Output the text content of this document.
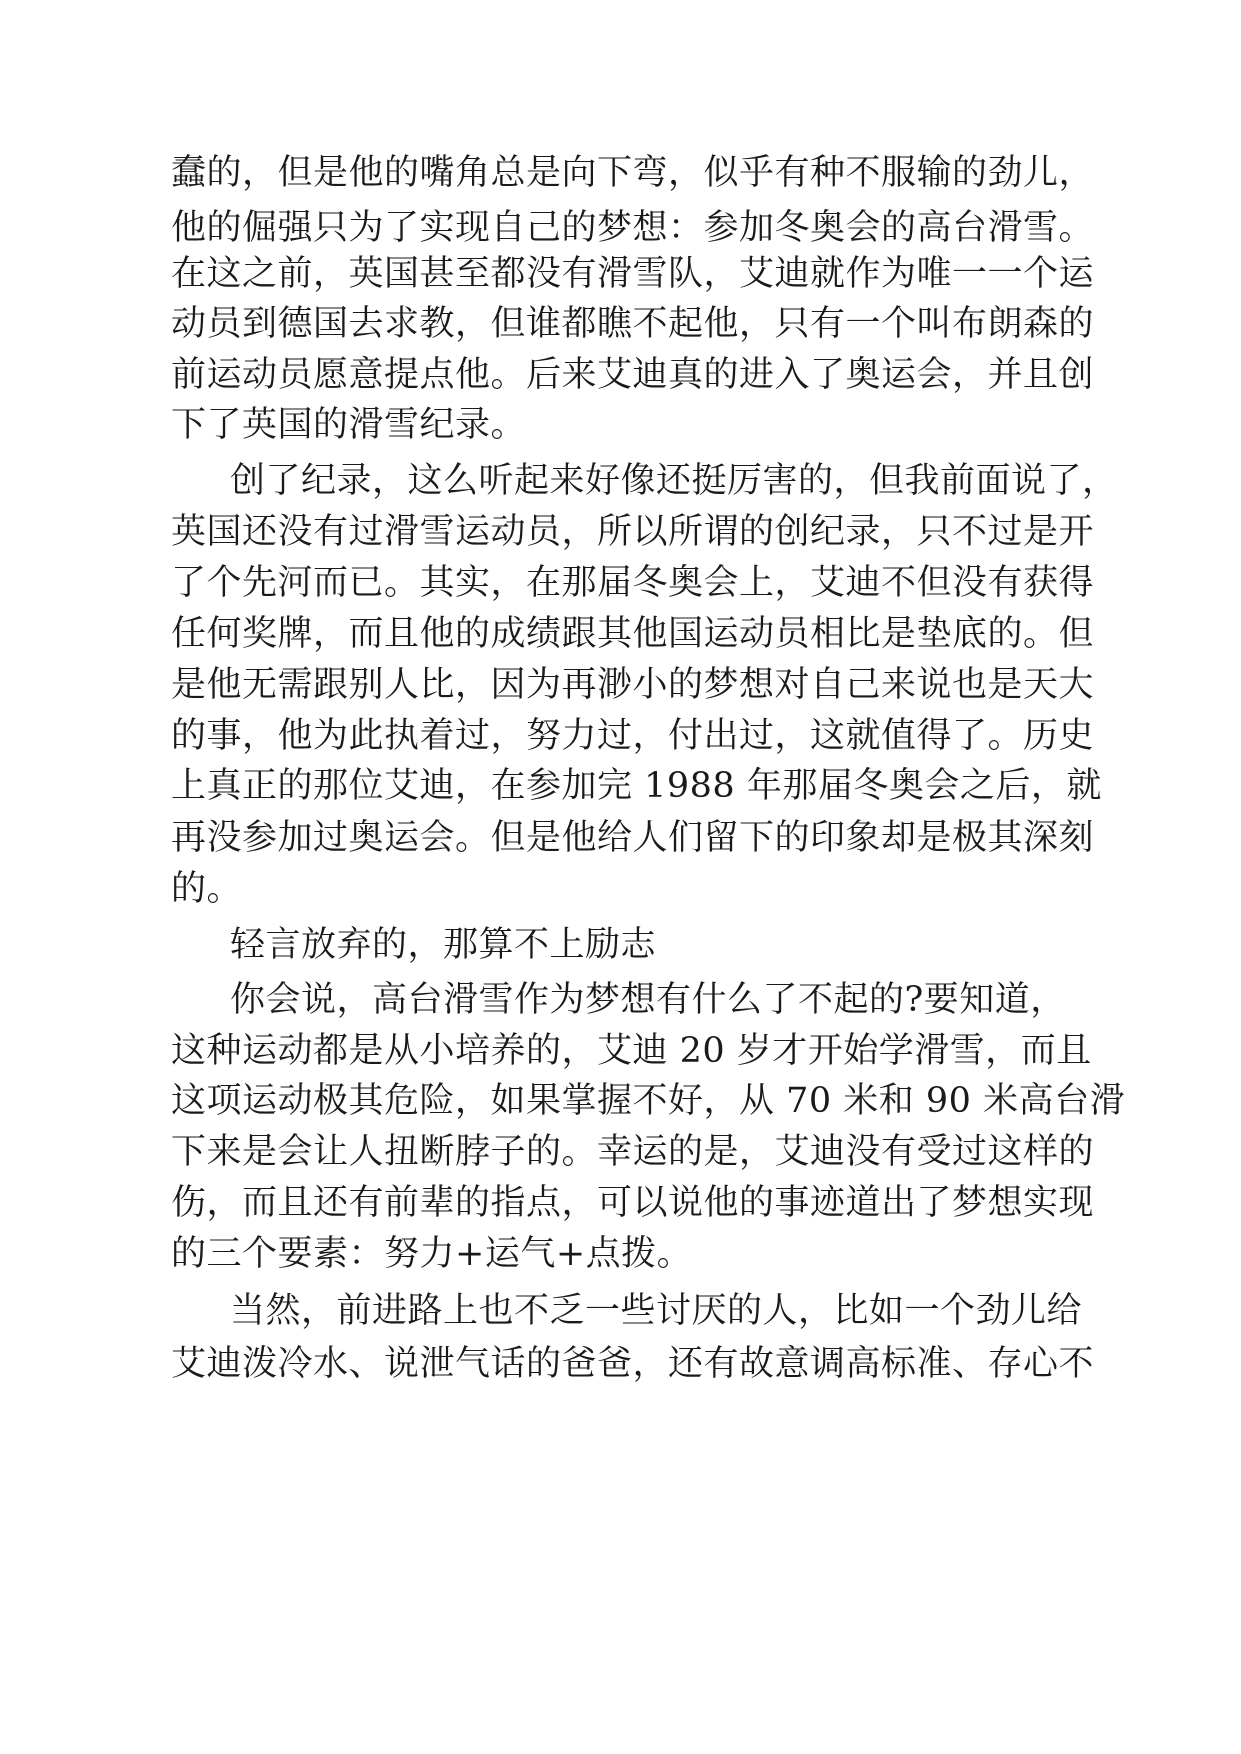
蠢的，但是他的嘴角总是向下弯，似乎有种不服输的劲儿，
他的倔强只为了实现自己的梦想：参加冬奥会的高台滑雪。
在这之前，英国甚至都没有滑雪队，艾迪就作为唯一一个运
动员到德国去求教，但谁都瞧不起他，只有一个叫布朗森的
前运动员愿意提点他。后来艾迪真的进入了奥运会，并且创
下了英国的滑雪纪录。
创了纪录，这么听起来好像还挺厉害的，但我前面说了，
英国还没有过滑雪运动员，所以所谓的创纪录，只不过是开
了个先河而已。其实，在那届冬奥会上，艾迪不但没有获得
任何奖牌，而且他的成绩跟其他国运动员相比是垫底的。但
是他无需跟别人比，因为再渺小的梦想对自己来说也是天大
的事，他为此执着过，努力过，付出过，这就值得了。历史
上真正的那位艾迪，在参加完 1988 年那届冬奥会之后，就
再没参加过奥运会。但是他给人们留下的印象却是极其深刻
的。
轻言放弃的，那算不上励志
你会说，高台滑雪作为梦想有什么了不起的?要知道，
这种运动都是从小培养的，艾迪 20 岁才开始学滑雪，而且
这项运动极其危险，如果掌握不好，从 70 米和 90 米高台滑
下来是会让人扭断脖子的。幸运的是，艾迪没有受过这样的
伤，而且还有前辈的指点，可以说他的事迹道出了梦想实现
的三个要素：努力+运气+点拨。
当然，前进路上也不乏一些讨厌的人，比如一个劲儿给
艾迪泼冷水、说泄气话的爸爸，还有故意调高标准、存心不
